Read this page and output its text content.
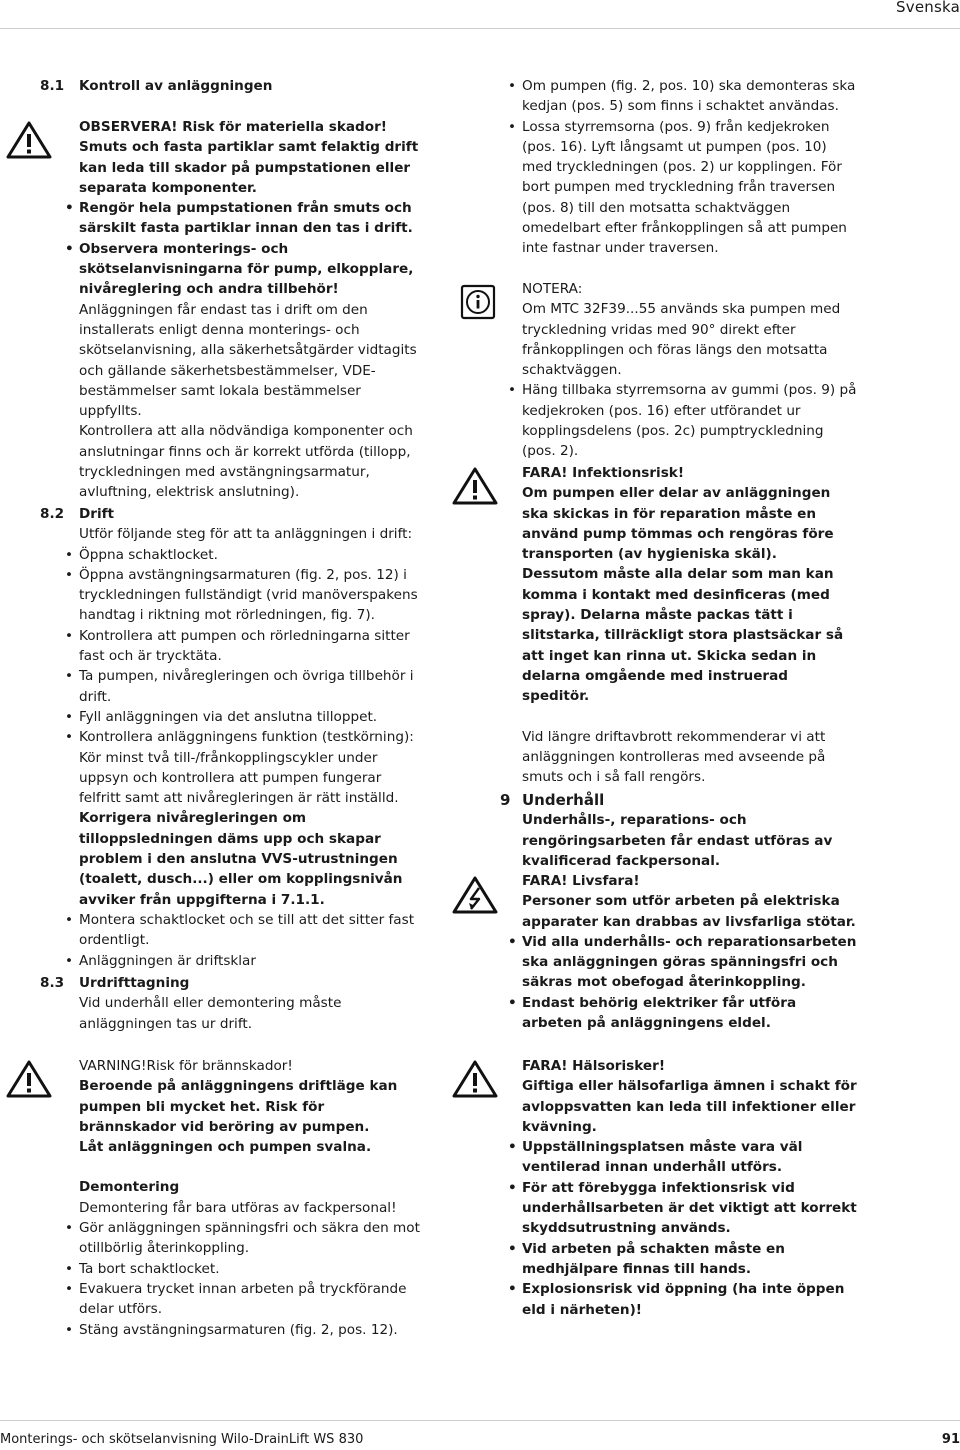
Svenska
Monterings- och skötselanvisning Wilo-DrainLift WS 830	91
8.1 Kontroll av anläggningen

OBSERVERA! Risk för materiella skador!

Smuts och fasta partiklar samt felaktig drift kan leda till skador på pumpstationen eller separata komponenter.

• Rengör hela pumpstationen från smuts och särskilt fasta partiklar innan den tas i drift.
• Observera monterings- och skötselanvisningarna för pump, elkopplare, nivåreglering och andra tillbehör!

Anläggningen får endast tas i drift om den installerats enligt denna monterings- och skötselanvisning, alla säkerhetsåtgärder vidtagits och gällande säkerhetsbestämmelser, VDE-bestämmelser samt lokala bestämmelser uppfyllts.

Kontrollera att alla nödvändiga komponenter och anslutningar finns och är korrekt utförda (tillopp, tryckledningen med avstängningsarmatur, avluftning, elektrisk anslutning).

8.2 Drift

Utför följande steg för att ta anläggningen i drift:

• Öppna schaktlocket.
• Öppna avstängningsarmaturen (fig. 2, pos. 12) i tryckledningen fullständigt (vrid manöverspakens handtag i riktning mot rörledningen, fig. 7).
• Kontrollera att pumpen och rörledningarna sitter fast och är trycktäta.
• Ta pumpen, nivåregleringen och övriga tillbehör i drift.
• Fyll anläggningen via det anslutna tilloppet.
• Kontrollera anläggningens funktion (testkörning): Kör minst två till-/frånkopplingscykler under uppsyn och kontrollera att pumpen fungerar felfritt samt att nivåregleringen är rätt inställd.

Korrigera nivåregleringen om tilloppsledningen däms upp och skapar problem i den anslutna VVS-utrustningen (toalett, dusch...) eller om kopplingsnivån avviker från uppgifterna i 7.1.1.

• Montera schaktlocket och se till att det sitter fast ordentligt.
• Anläggningen är driftsklar
8.3 Urdrifttagning

Vid underhåll eller demontering måste anläggningen tas ur drift.

VARNING!Risk för brännskador!

Beroende på anläggningens driftläge kan pumpen bli mycket het. Risk för brännskador vid beröring av pumpen.

Låt anläggningen och pumpen svalna.

Demontering

Demontering får bara utföras av fackpersonal!

• Gör anläggningen spänningsfri och säkra den mot otillbörlig återinkoppling.
• Ta bort schaktlocket.
• Evakuera trycket innan arbeten på tryckförande delar utförs.
• Stäng avstängningsarmaturen (fig. 2, pos. 12).
• Om pumpen (fig. 2, pos. 10) ska demonteras ska kedjan (pos. 5) som finns i schaktet användas.
• Lossa styrremsorna (pos. 9) från kedjekroken (pos. 16). Lyft långsamt ut pumpen (pos. 10) med tryckledningen (pos. 2) ur kopplingen. För bort pumpen med tryckledning från traversen (pos. 8) till den motsatta schaktväggen omedelbart efter frånkopplingen så att pumpen inte fastnar under traversen.

NOTERA:

Om MTC 32F39...55 används ska pumpen med tryckledning vridas med 90° direkt efter frånkopplingen och föras längs den motsatta schaktväggen.

• Häng tillbaka styrremsorna av gummi (pos. 9) på kedjekroken (pos. 16) efter utförandet ur kopplingsdelens (pos. 2c) pumptryckledning (pos. 2).

FARA! Infektionsrisk!

Om pumpen eller delar av anläggningen ska skickas in för reparation måste en använd pump tömmas och rengöras före transporten (av hygieniska skäl). Dessutom måste alla delar som man kan komma i kontakt med desinficeras (med spray). Delarna måste packas tätt i slitstarka, tillräckligt stora plastsäckar så att inget kan rinna ut. Skicka sedan in delarna omgående med instruerad speditör.

Vid längre driftavbrott rekommenderar vi att anläggningen kontrolleras med avseende på smuts och i så fall rengörs.

9 Underhåll

Underhålls-, reparations- och rengöringsarbeten får endast utföras av kvalificerad fackpersonal.

FARA! Livsfara!

Personer som utför arbeten på elektriska apparater kan drabbas av livsfarliga stötar.

• Vid alla underhålls- och reparationsarbeten ska anläggningen göras spänningsfri och säkras mot obefogad återinkoppling.
• Endast behörig elektriker får utföra arbeten på anläggningens eldel.

FARA! Hälsorisker!

Giftiga eller hälsofarliga ämnen i schakt för avloppsvatten kan leda till infektioner eller kvävning.

• Uppställningsplatsen måste vara väl ventilerad innan underhåll utförs.
• För att förebygga infektionsrisk vid underhållsarbeten är det viktigt att korrekt skyddsutrustning används.
• Vid arbeten på schakten måste en medhjälpare finnas till hands.
• Explosionsrisk vid öppning (ha inte öppen eld i närheten)!
